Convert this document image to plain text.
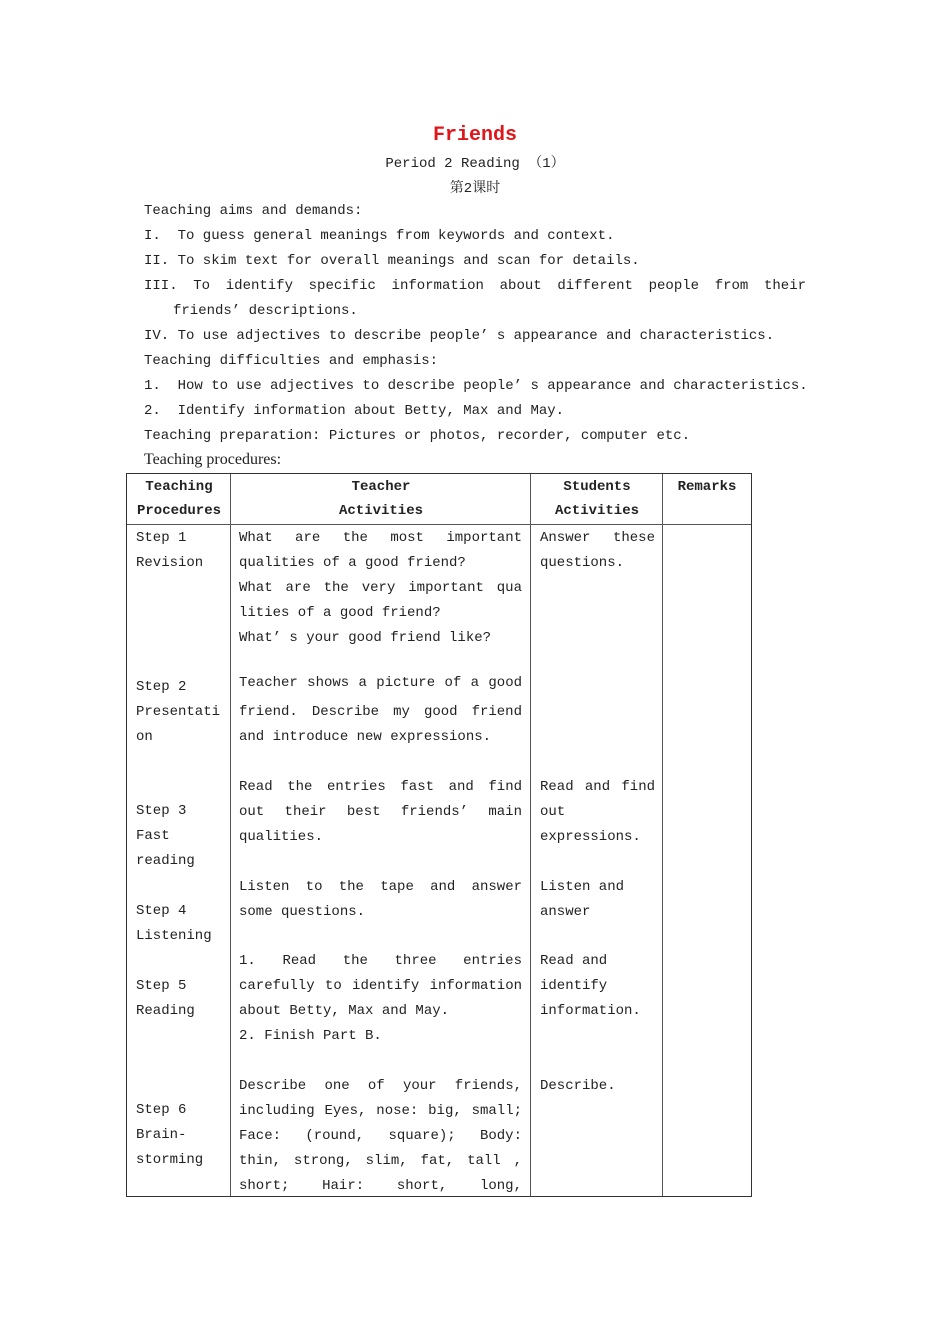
Friends
Period 2 Reading （1）
第2课时
Teaching aims and demands:
I.  To guess general meanings from keywords and context.
II. To skim text for overall meanings and scan for details.
III. To identify specific information about different people from their
friends’ descriptions.
IV. To use adjectives to describe people’ s appearance and characteristics.
Teaching difficulties and emphasis:
1.  How to use adjectives to describe people’ s appearance and characteristics.
2.  Identify information about Betty, Max and May.
Teaching preparation: Pictures or photos, recorder, computer etc.
Teaching procedures:
Teaching
Procedures
Teacher
Activities
Students
Activities
Remarks
Step 1
Revision
Step 2
Presentati
on
Step 3
Fast
reading
Step 4
Listening
Step 5
Reading
Step 6
Brain-
storming
What are the most important
qualities of a good friend?
What are the very important qua
lities of a good friend?
What’ s your good friend like?
Teacher shows a picture of a good
friend. Describe my good friend
and introduce new expressions.
Read the entries fast and find
out their best friends’ main
qualities.
Listen to the tape and answer
some questions.
1. Read the three entries
carefully to identify information
about Betty, Max and May.
2. Finish Part B.
Describe one of your friends,
including Eyes, nose: big, small;
Face: (round, square); Body:
thin, strong, slim, fat, tall ,
short; Hair: short, long,
Answer these
questions.
Read and find
out
expressions.
Listen and
answer
Read and
identify
information.
Describe.
